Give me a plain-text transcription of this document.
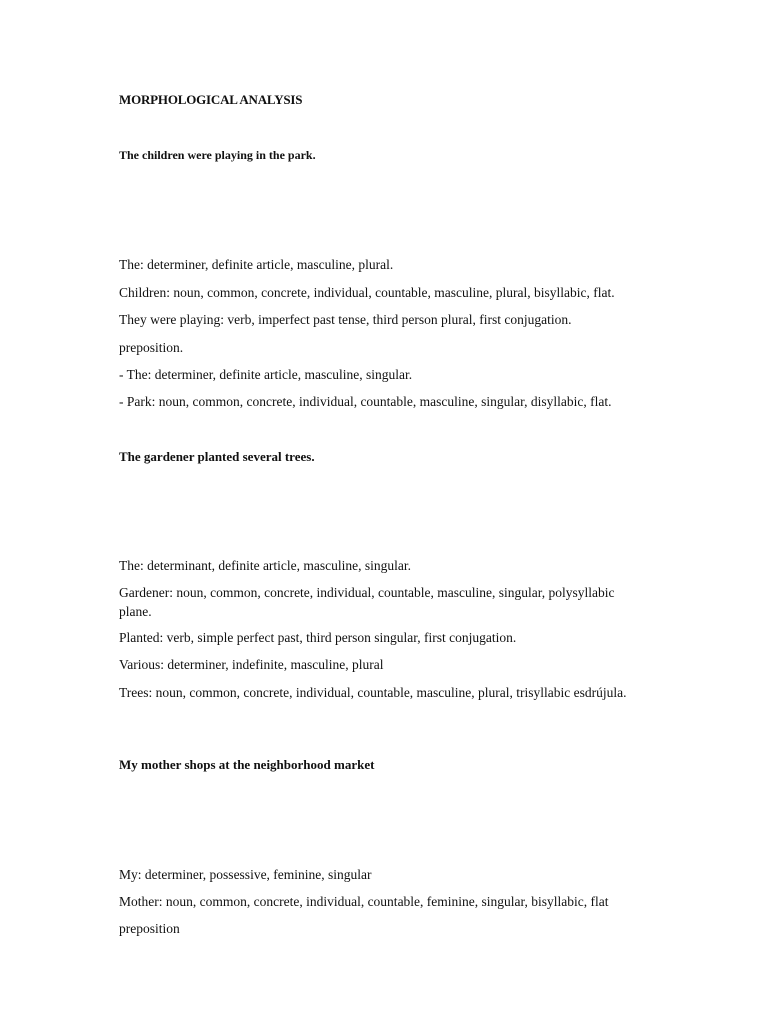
MORPHOLOGICAL ANALYSIS
The children were playing in the park.

The: determiner, definite article, masculine, plural.

Children: noun, common, concrete, individual, countable, masculine, plural, bisyllabic, flat.

They were playing: verb, imperfect past tense, third person plural, first conjugation.

preposition.

- The: determiner, definite article, masculine, singular.

- Park: noun, common, concrete, individual, countable, masculine, singular, disyllabic, flat.

The gardener planted several trees.

The: determinant, definite article, masculine, singular.

Gardener: noun, common, concrete, individual, countable, masculine, singular, polysyllabic plane.

Planted: verb, simple perfect past, third person singular, first conjugation.

Various: determiner, indefinite, masculine, plural

Trees: noun, common, concrete, individual, countable, masculine, plural, trisyllabic esdrújula.

My mother shops at the neighborhood market

My: determiner, possessive, feminine, singular

Mother: noun, common, concrete, individual, countable, feminine, singular, bisyllabic, flat

preposition
